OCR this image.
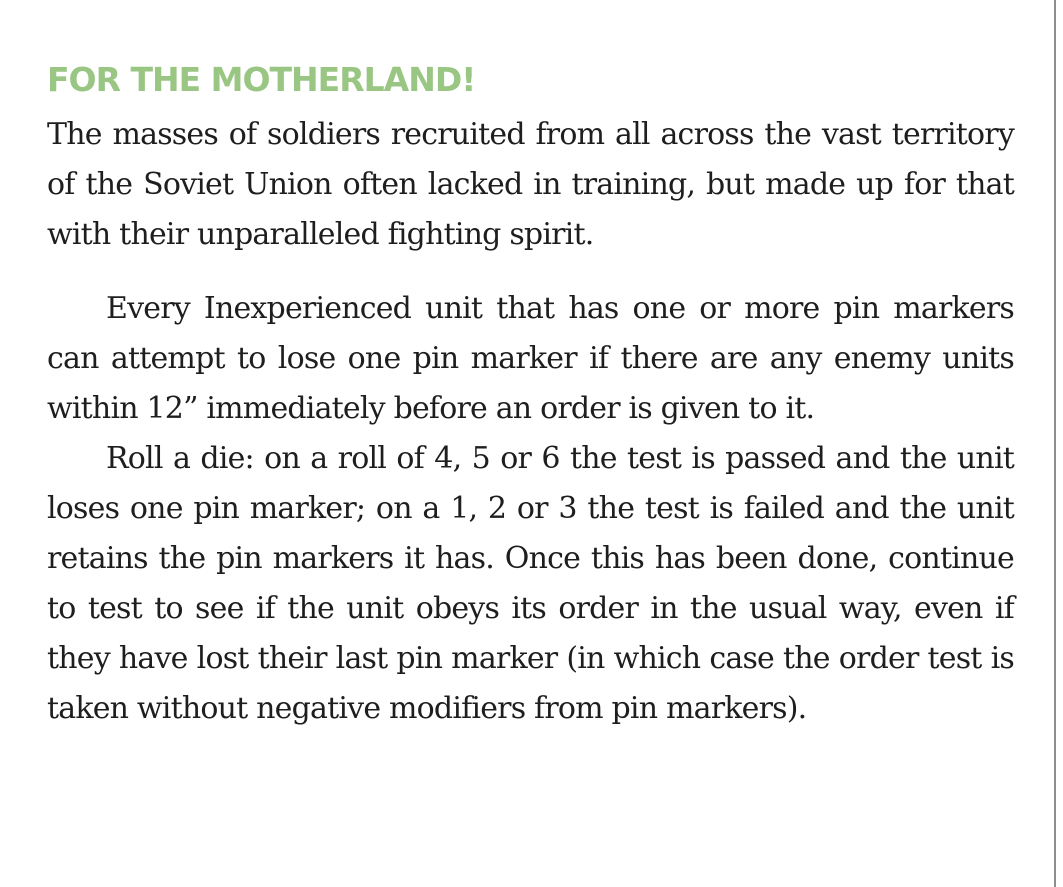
FOR THE MOTHERLAND!

The masses of soldiers recruited from all across the vast territory of the Soviet Union often lacked in training, but made up for that with their unparalleled fighting spirit.

Every Inexperienced unit that has one or more pin markers can attempt to lose one pin marker if there are any enemy units within 12” immediately before an order is given to it.

Roll a die: on a roll of 4, 5 or 6 the test is passed and the unit loses one pin marker; on a 1, 2 or 3 the test is failed and the unit retains the pin markers it has. Once this has been done, continue to test to see if the unit obeys its order in the usual way, even if they have lost their last pin marker (in which case the order test is taken without negative modifiers from pin markers).
